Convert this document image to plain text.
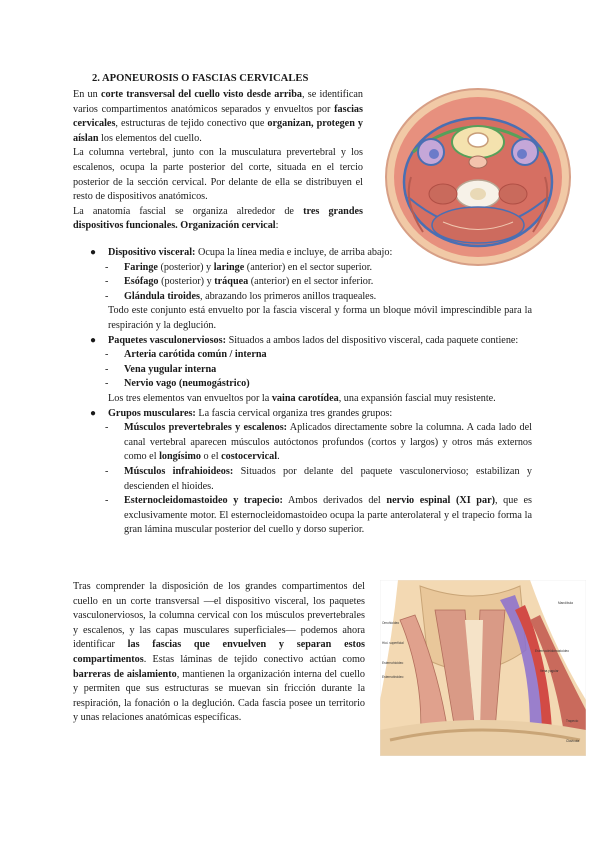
2. APONEUROSIS O FASCIAS CERVICALES

En un corte transversal del cuello visto desde arriba, se identifican varios compartimentos anatómicos separados y envueltos por fascias cervicales, estructuras de tejido conectivo que organizan, protegen y aíslan los elementos del cuello.

La columna vertebral, junto con la musculatura prevertebral y los escalenos, ocupa la parte posterior del corte, situada en el tercio posterior de la sección cervical. Por delante de ella se distribuyen el resto de dispositivos anatómicos.

La anatomía fascial se organiza alrededor de tres grandes dispositivos funcionales. Organización cervical:

● Dispositivo visceral: Ocupa la línea media e incluye, de arriba abajo:
- Faringe (posterior) y laringe (anterior) en el sector superior.
- Esófago (posterior) y tráquea (anterior) en el sector inferior.
- Glándula tiroides, abrazando los primeros anillos traqueales.
Todo este conjunto está envuelto por la fascia visceral y forma un bloque móvil imprescindible para la respiración y la deglución.
● Paquetes vasculonerviosos: Situados a ambos lados del dispositivo visceral, cada paquete contiene:
- Arteria carótida común / interna
- Vena yugular interna
- Nervio vago (neumogástrico)
Los tres elementos van envueltos por la vaina carotídea, una expansión fascial muy resistente.
● Grupos musculares: La fascia cervical organiza tres grandes grupos:
- Músculos prevertebrales y escalenos: Aplicados directamente sobre la columna. A cada lado del canal vertebral aparecen músculos autóctonos profundos (cortos y largos) y otros más externos como el longísimo o el costocervical.
- Músculos infrahioideos: Situados por delante del paquete vasculonervioso; estabilizan y descienden el hioides.
- Esternocleidomastoideo y trapecio: Ambos derivados del nervio espinal (XI par), que es exclusivamente motor. El esternocleidomastoideo ocupa la parte anterolateral y el trapecio forma la gran lámina muscular posterior del cuello y dorso superior.
Tras comprender la disposición de los grandes compartimentos del cuello en un corte transversal —el dispositivo visceral, los paquetes vasculonerviosos, la columna cervical con los músculos prevertebrales y escalenos, y las capas musculares superficiales— podemos ahora identificar las fascias que envuelven y separan estos compartimentos. Estas láminas de tejido conectivo actúan como barreras de aislamiento, mantienen la organización interna del cuello y permiten que sus estructuras se muevan sin fricción durante la respiración, la fonación o la deglución. Cada fascia posee un territorio y unas relaciones anatómicas específicas.
Omohioideo
Hioi. superficial
Esternohioideo
Esternotiroideo
Mandíbula
Esternocleidomastoideo
Vena yugular
Trapecio
Clavícula
